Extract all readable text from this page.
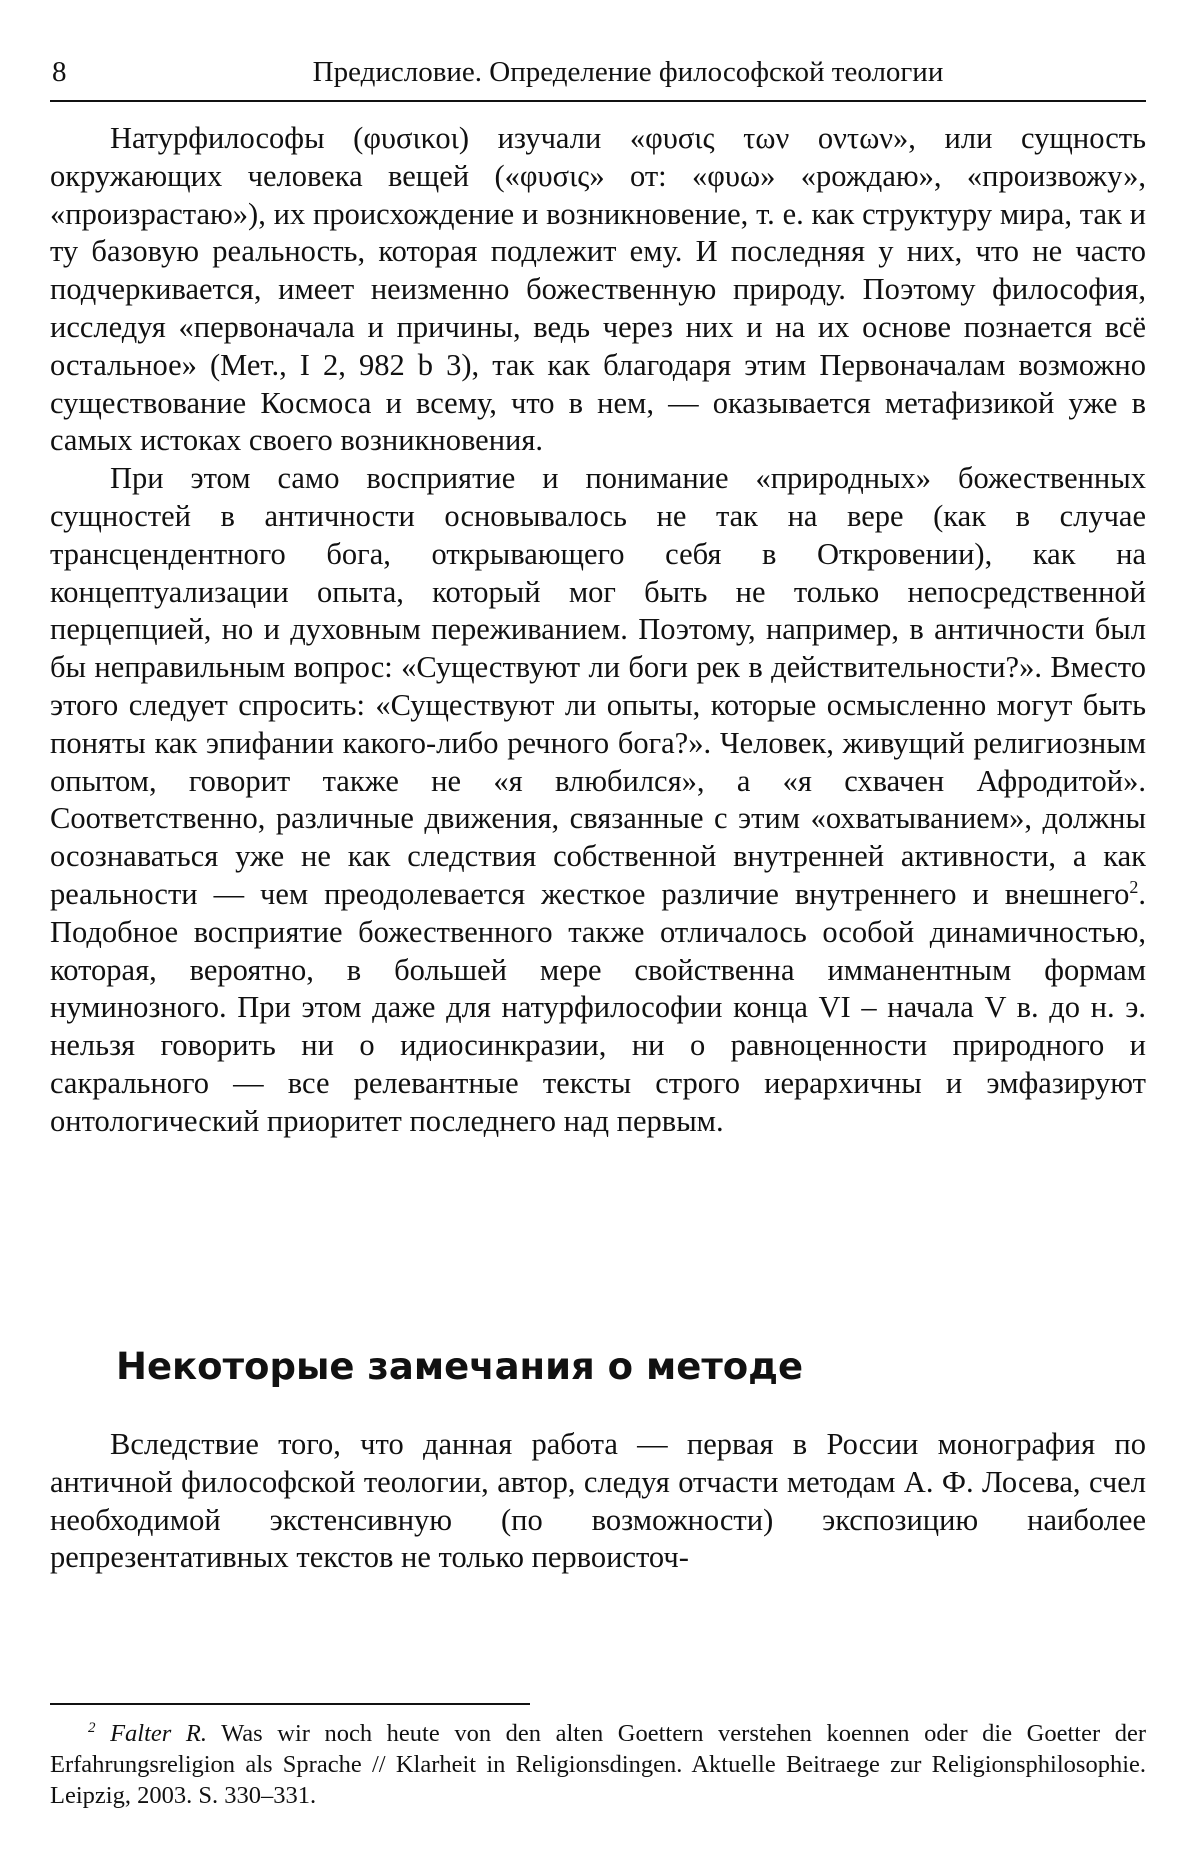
8	Предисловие. Определение философской теологии

Натурфилософы (φυσικοι) изучали «φυσις των οντων», или сущность окружающих человека вещей («φυσις» от: «φυω» «рождаю», «произвожу», «произрастаю»), их происхождение и возникновение, т. е. как структуру мира, так и ту базовую реальность, которая подлежит ему. И последняя у них, что не часто подчеркивается, имеет неизменно божественную природу. Поэтому философия, исследуя «первоначала и причины, ведь через них и на их основе познается всё остальное» (Мет., I 2, 982 b 3), так как благодаря этим Первоначалам возможно существование Космоса и всему, что в нем, — оказывается метафизикой уже в самых истоках своего возникновения.

При этом само восприятие и понимание «природных» божественных сущностей в античности основывалось не так на вере (как в случае трансцендентного бога, открывающего себя в Откровении), как на концептуализации опыта, который мог быть не только непосредственной перцепцией, но и духовным переживанием. Поэтому, например, в античности был бы неправильным вопрос: «Существуют ли боги рек в действительности?». Вместо этого следует спросить: «Существуют ли опыты, которые осмысленно могут быть поняты как эпифании какого-либо речного бога?». Человек, живущий религиозным опытом, говорит также не «я влюбился», а «я схвачен Афродитой». Соответственно, различные движения, связанные с этим «охватыванием», должны осознаваться уже не как следствия собственной внутренней активности, а как реальности — чем преодолевается жесткое различие внутреннего и внешнего$^2$. Подобное восприятие божественного также отличалось особой динамичностью, которая, вероятно, в большей мере свойственна имманентным формам нуминозного. При этом даже для натурфилософии конца VI – начала V в. до н. э. нельзя говорить ни о идиосинкразии, ни о равноценности природного и сакрального — все релевантные тексты строго иерархичны и эмфазируют онтологический приоритет последнего над первым.

Некоторые замечания о методе

Вследствие того, что данная работа — первая в России монография по античной философской теологии, автор, следуя отчасти методам А. Ф. Лосева, счел необходимой экстенсивную (по возможности) экспозицию наиболее репрезентативных текстов не только первоисточ-

$^2$ Falter R. Was wir noch heute von den alten Goettern verstehen koennen oder die Goetter der Erfahrungsreligion als Sprache // Klarheit in Religionsdingen. Aktuelle Beitraege zur Religionsphilosophie. Leipzig, 2003. S. 330–331.
